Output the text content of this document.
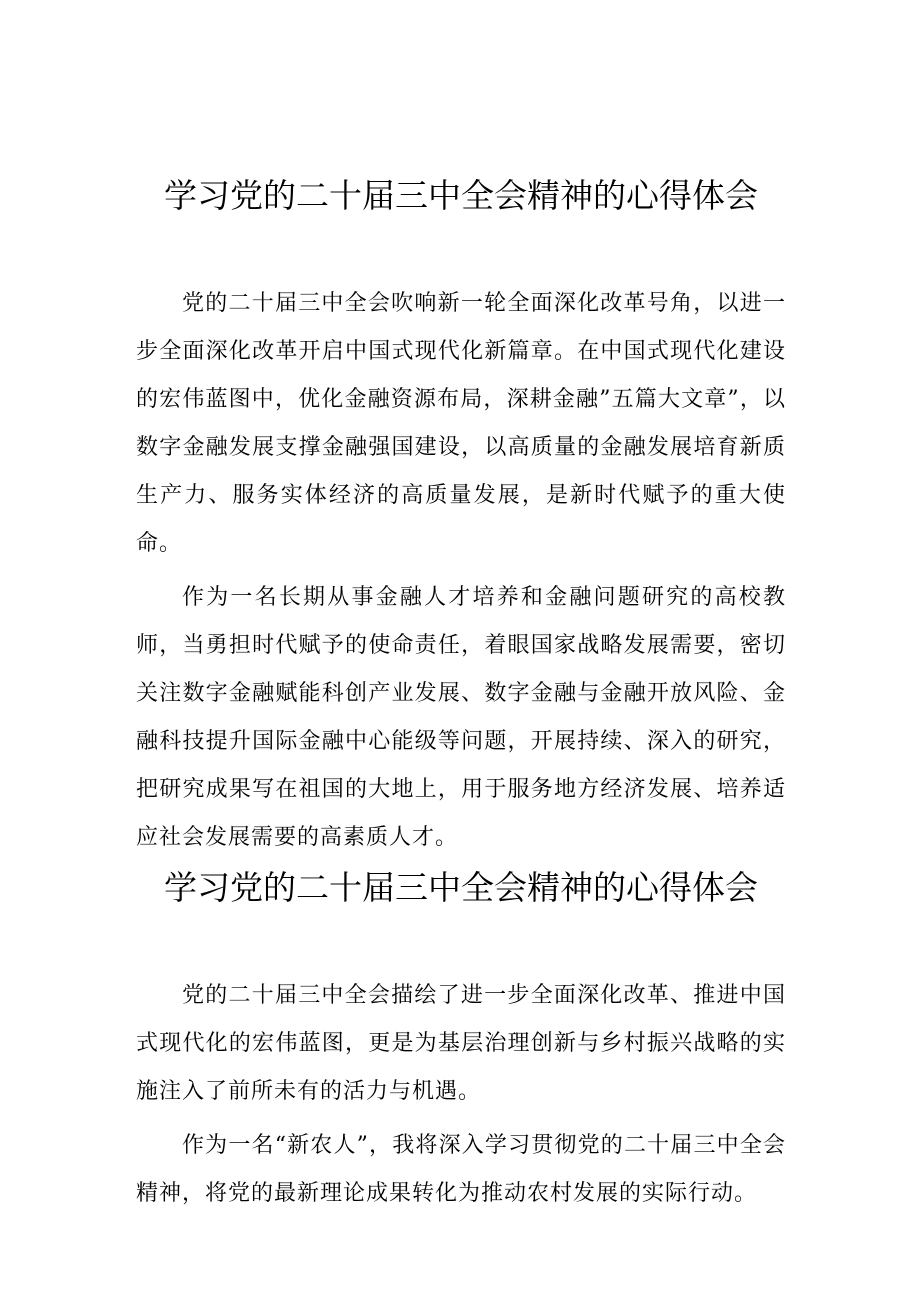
学习党的二十届三中全会精神的心得体会

党的二十届三中全会吹响新一轮全面深化改革号角，以进一步全面深化改革开启中国式现代化新篇章。在中国式现代化建设的宏伟蓝图中，优化金融资源布局，深耕金融”五篇大文章”，以数字金融发展支撑金融强国建设，以高质量的金融发展培育新质生产力、服务实体经济的高质量发展，是新时代赋予的重大使命。

作为一名长期从事金融人才培养和金融问题研究的高校教师，当勇担时代赋予的使命责任，着眼国家战略发展需要，密切关注数字金融赋能科创产业发展、数字金融与金融开放风险、金融科技提升国际金融中心能级等问题，开展持续、深入的研究，把研究成果写在祖国的大地上，用于服务地方经济发展、培养适应社会发展需要的高素质人才。

学习党的二十届三中全会精神的心得体会

党的二十届三中全会描绘了进一步全面深化改革、推进中国式现代化的宏伟蓝图，更是为基层治理创新与乡村振兴战略的实施注入了前所未有的活力与机遇。

作为一名“新农人”，我将深入学习贯彻党的二十届三中全会精神，将党的最新理论成果转化为推动农村发展的实际行动。
